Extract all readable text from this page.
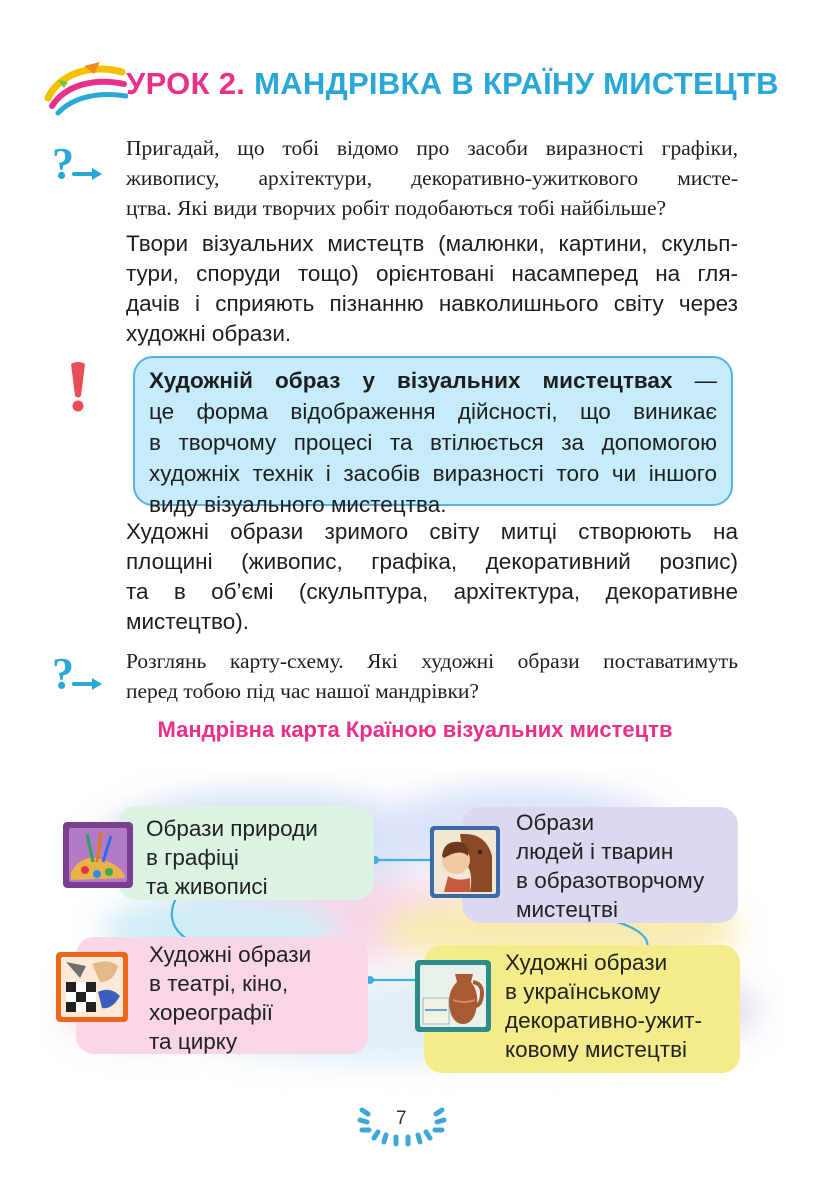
УРОК 2. МАНДРІВКА В КРАЇНУ МИСТЕЦТВ
? Пригадай, що тобі відомо про засоби виразності графіки,
живопису, архітектури, декоративно-ужиткового мисте-
цтва. Які види творчих робіт подобаються тобі найбільше?
Твори візуальних мистецтв (малюнки, картини, скульп-
тури, споруди тощо) орієнтовані насамперед на гля-
дачів і сприяють пізнанню навколишнього світу через
художні образи.
Художній образ у візуальних мистецтвах —
це форма відображення дійсності, що виникає
в творчому процесі та втілюється за допомогою
художніх технік і засобів виразності того чи іншого
виду візуального мистецтва.
Художні образи зримого світу митці створюють на
площині (живопис, графіка, декоративний розпис)
та в об’ємі (скульптура, архітектура, декоративне
мистецтво).
? Розглянь карту-схему. Які художні образи поставатимуть
перед тобою під час нашої мандрівки?
Мандрівна карта Країною візуальних мистецтв
Образи природи
в графіці
та живописі
Образи
людей і тварин
в образотворчому
мистецтві
Художні образи
в театрі, кіно,
хореографії
та цирку
Художні образи
в українському
декоративно-ужит-
ковому мистецтві
7
